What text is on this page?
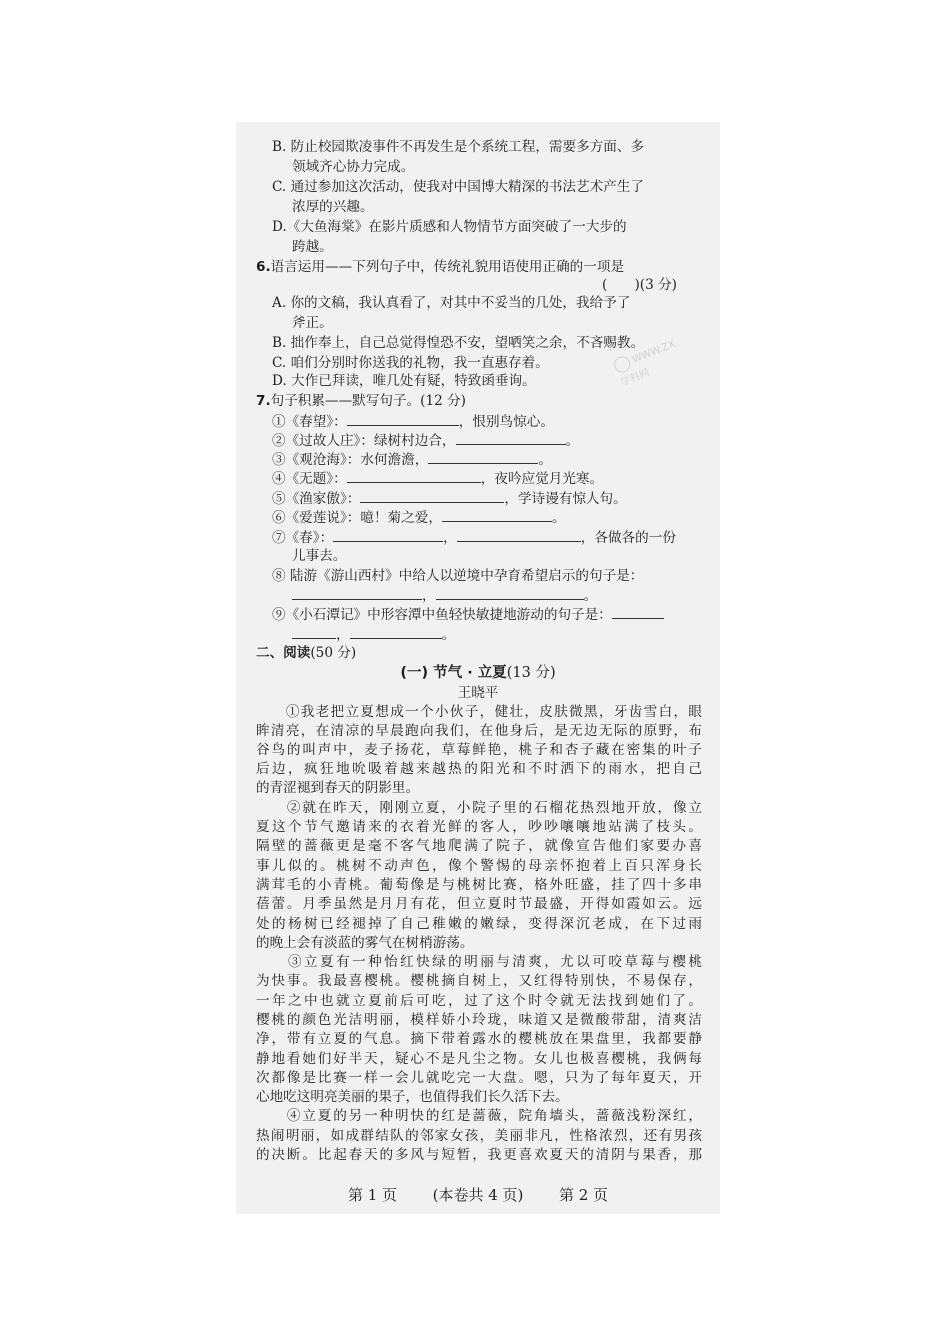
WWW.ZX
学科网
B. 防止校园欺凌事件不再发生是个系统工程，需要多方面、多
领域齐心协力完成。
C. 通过参加这次活动，使我对中国博大精深的书法艺术产生了
浓厚的兴趣。
D.《大鱼海棠》在影片质感和人物情节方面突破了一大步的
跨越。
6.语言运用——下列句子中，传统礼貌用语使用正确的一项是
(　　)(3 分)
A. 你的文稿，我认真看了，对其中不妥当的几处，我给予了
斧正。
B. 拙作奉上，自己总觉得惶恐不安，望哂笑之余，不吝赐教。
C. 咱们分别时你送我的礼物，我一直惠存着。
D. 大作已拜读，唯几处有疑，特致函垂询。
7.句子积累——默写句子。(12 分)
①《春望》：	，恨别鸟惊心。
②《过故人庄》：绿树村边合，	。
③《观沧海》：水何澹澹，	。
④《无题》：	，夜吟应觉月光寒。
⑤《渔家傲》：	，学诗谩有惊人句。
⑥《爱莲说》：噫！菊之爱，	。
⑦《春》：	，	，各做各的一份
儿事去。
⑧ 陆游《游山西村》中给人以逆境中孕育希望启示的句子是：
，	。
⑨《小石潭记》中形容潭中鱼轻快敏捷地游动的句子是：
，	。
二、阅读(50 分)
(一) 节气 · 立夏(13 分)
王晓平
　　①我老把立夏想成一个小伙子，健壮，皮肤微黑，牙齿雪白，眼
眸清亮，在清凉的早晨跑向我们，在他身后，是无边无际的原野，布
谷鸟的叫声中，麦子扬花，草莓鲜艳，桃子和杏子藏在密集的叶子
后边，疯狂地吮吸着越来越热的阳光和不时洒下的雨水，把自己
的青涩褪到春天的阴影里。
　　②就在昨天，刚刚立夏，小院子里的石榴花热烈地开放，像立
夏这个节气邀请来的衣着光鲜的客人，吵吵嚷嚷地站满了枝头。
隔壁的蔷薇更是毫不客气地爬满了院子，就像宣告他们家要办喜
事儿似的。桃树不动声色，像个警惕的母亲怀抱着上百只浑身长
满茸毛的小青桃。葡萄像是与桃树比赛，格外旺盛，挂了四十多串
蓓蕾。月季虽然是月月有花，但立夏时节最盛，开得如霞如云。远
处的杨树已经褪掉了自己稚嫩的嫩绿，变得深沉老成，在下过雨
的晚上会有淡蓝的雾气在树梢游荡。
　　③立夏有一种怡红快绿的明丽与清爽，尤以可咬草莓与樱桃
为快事。我最喜樱桃。樱桃摘自树上，又红得特别快，不易保存，
一年之中也就立夏前后可吃，过了这个时令就无法找到她们了。
樱桃的颜色光洁明丽，模样娇小玲珑，味道又是微酸带甜，清爽洁
净，带有立夏的气息。摘下带着露水的樱桃放在果盘里，我都要静
静地看她们好半天，疑心不是凡尘之物。女儿也极喜樱桃，我俩每
次都像是比赛一样一会儿就吃完一大盘。嗯，只为了每年夏天，开
心地吃这明亮美丽的果子，也值得我们长久活下去。
　　④立夏的另一种明快的红是蔷薇，院角墙头，蔷薇浅粉深红，
热闹明丽，如成群结队的邻家女孩，美丽非凡，性格浓烈，还有男孩
的决断。比起春天的多风与短暂，我更喜欢夏天的清阴与果香，那
第 1 页 (本卷共 4 页) 第 2 页
